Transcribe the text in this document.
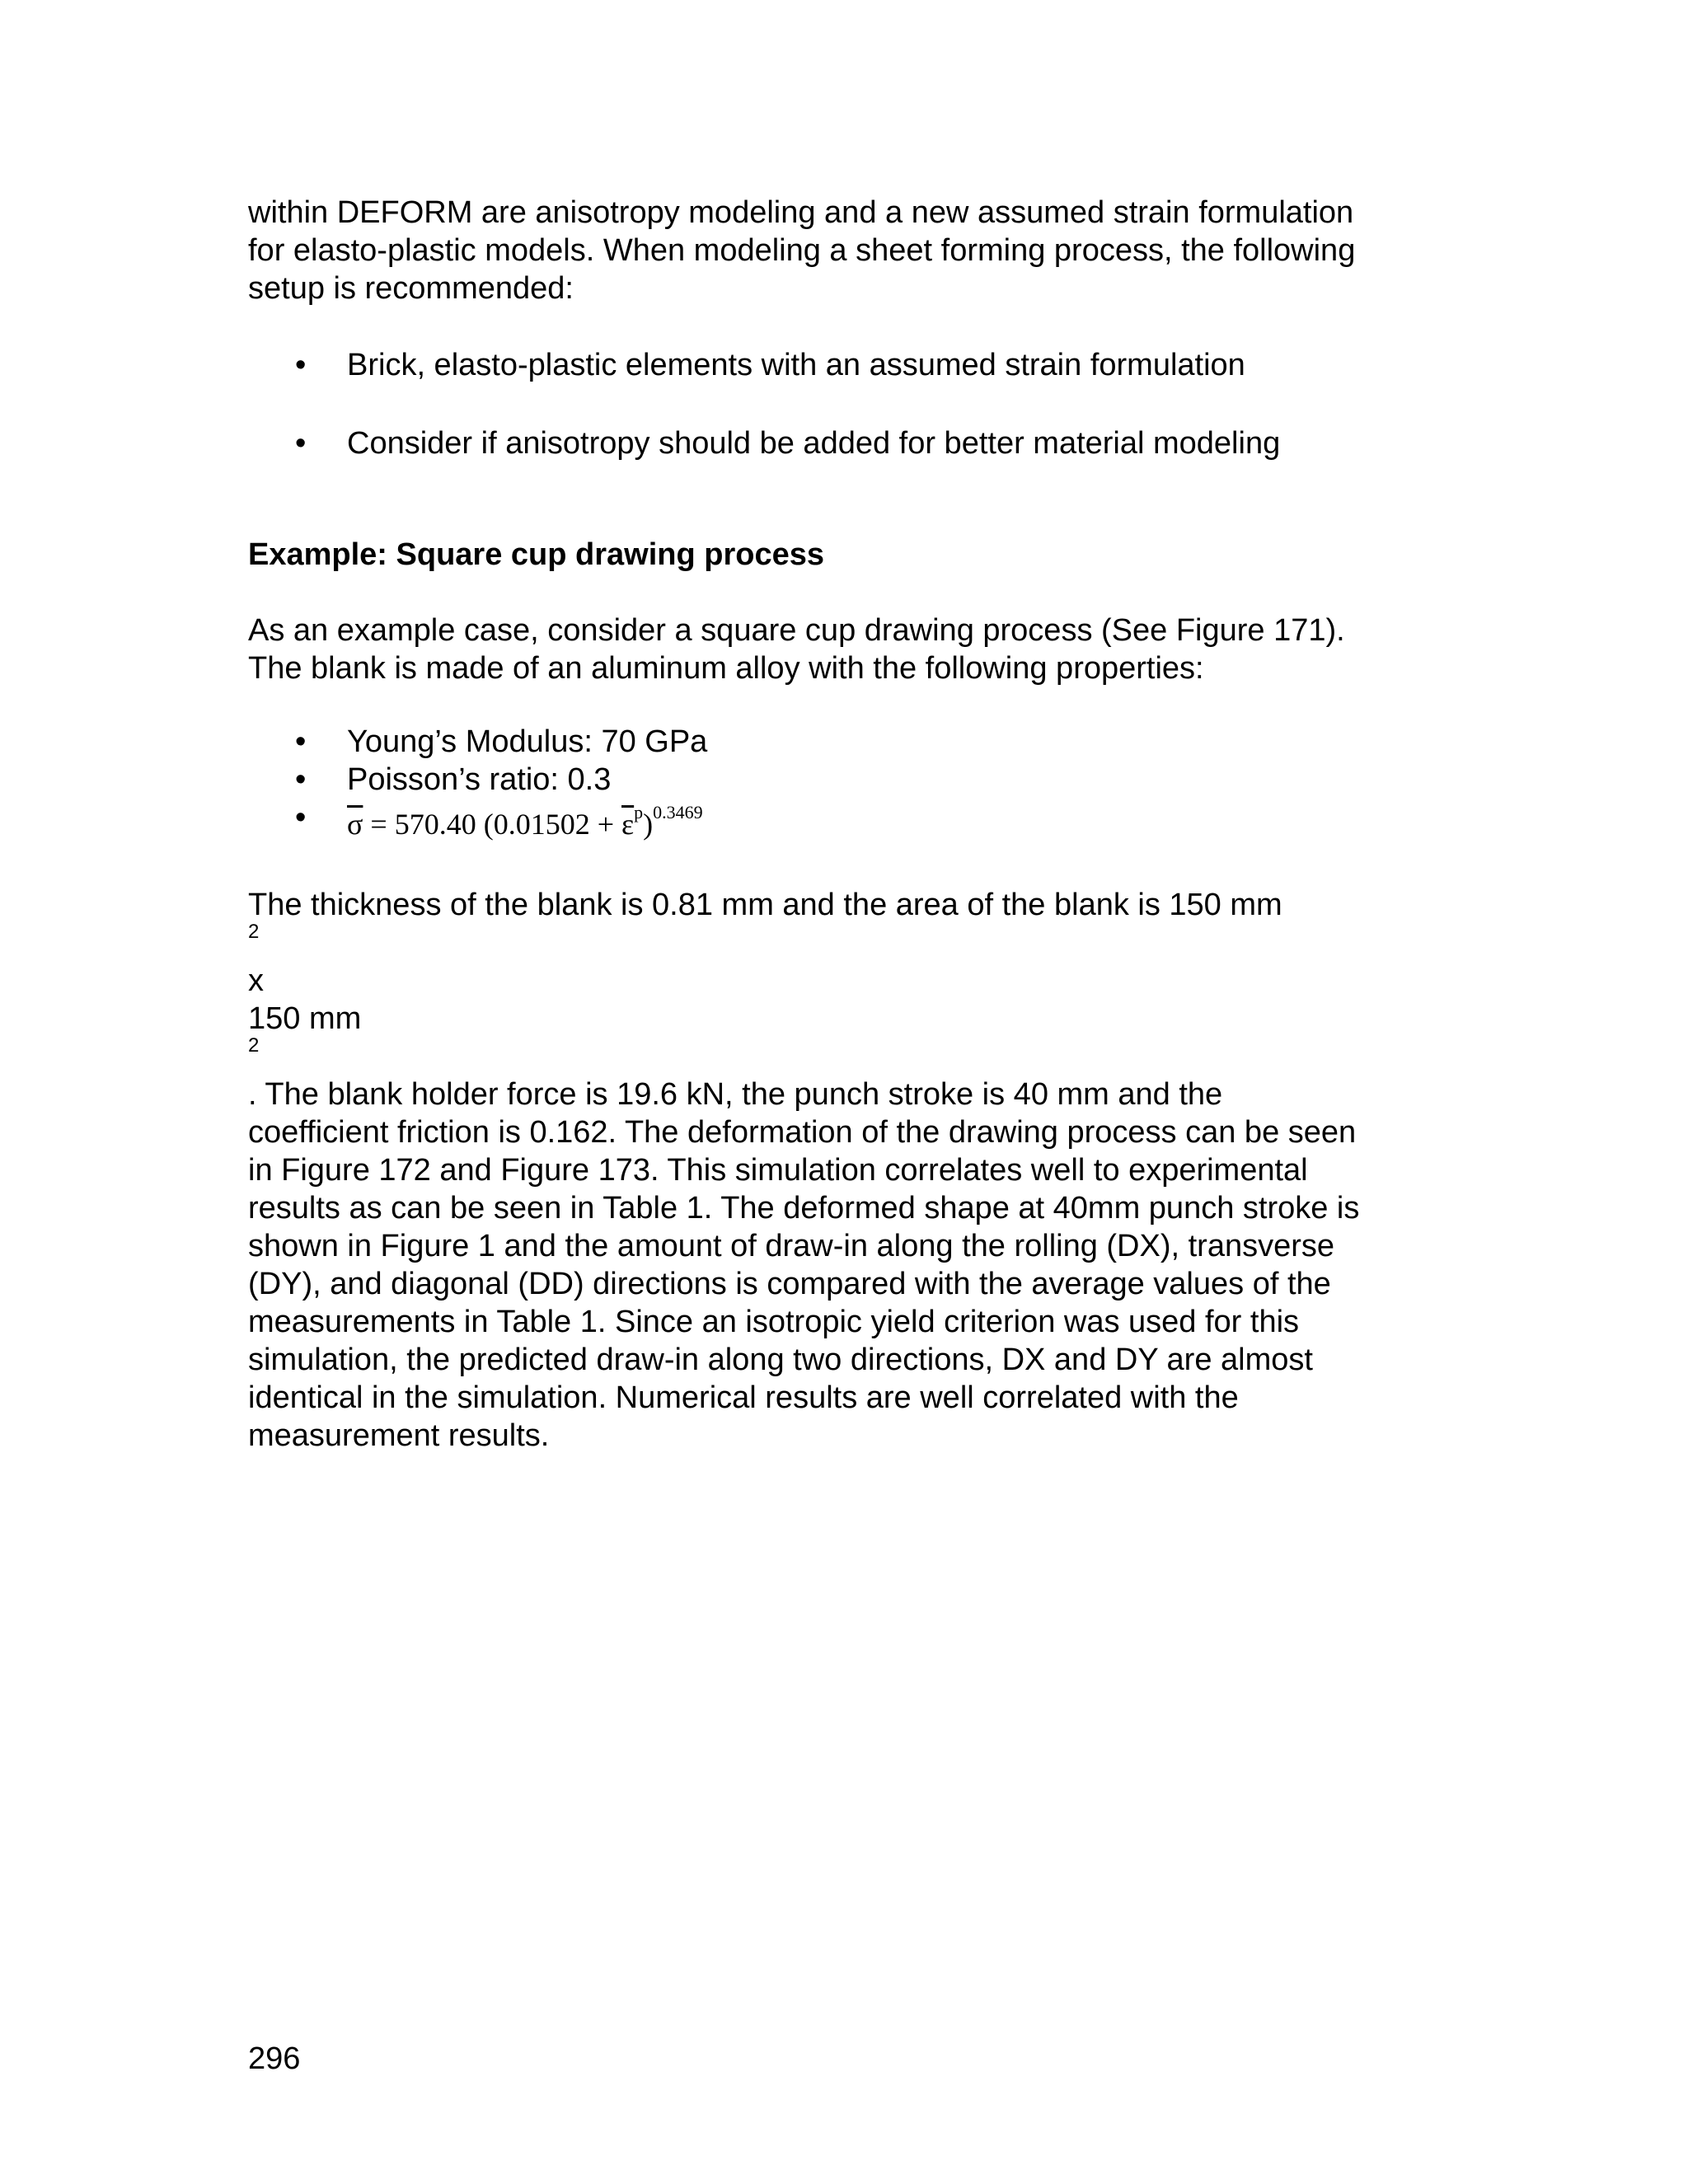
within DEFORM are anisotropy modeling and a new assumed strain formulation
for elasto-plastic models. When modeling a sheet forming process, the following
setup is recommended:

• Brick, elasto-plastic elements with an assumed strain formulation
• Consider if anisotropy should be added for better material modeling
Example: Square cup drawing process

As an example case, consider a square cup drawing process (See Figure 171).
The blank is made of an aluminum alloy with the following properties:

• Young’s Modulus: 70 GPa
• Poisson’s ratio: 0.3
• $\overline{\sigma} = 570.40$ $(0.01502 + \overline{\varepsilon}^p)^{0.3469}$

The thickness of the blank is 0.81 mm and the area of the blank is 150 mm
$^2$
x
150 mm
$^2$
. The blank holder force is 19.6 kN, the punch stroke is 40 mm and the
coefficient friction is 0.162. The deformation of the drawing process can be seen
in Figure 172 and Figure 173. This simulation correlates well to experimental
results as can be seen in Table 1. The deformed shape at 40mm punch stroke is
shown in Figure 1 and the amount of draw-in along the rolling (DX), transverse
(DY), and diagonal (DD) directions is compared with the average values of the
measurements in Table 1. Since an isotropic yield criterion was used for this
simulation, the predicted draw-in along two directions, DX and DY are almost
identical in the simulation. Numerical results are well correlated with the
measurement results.

296
